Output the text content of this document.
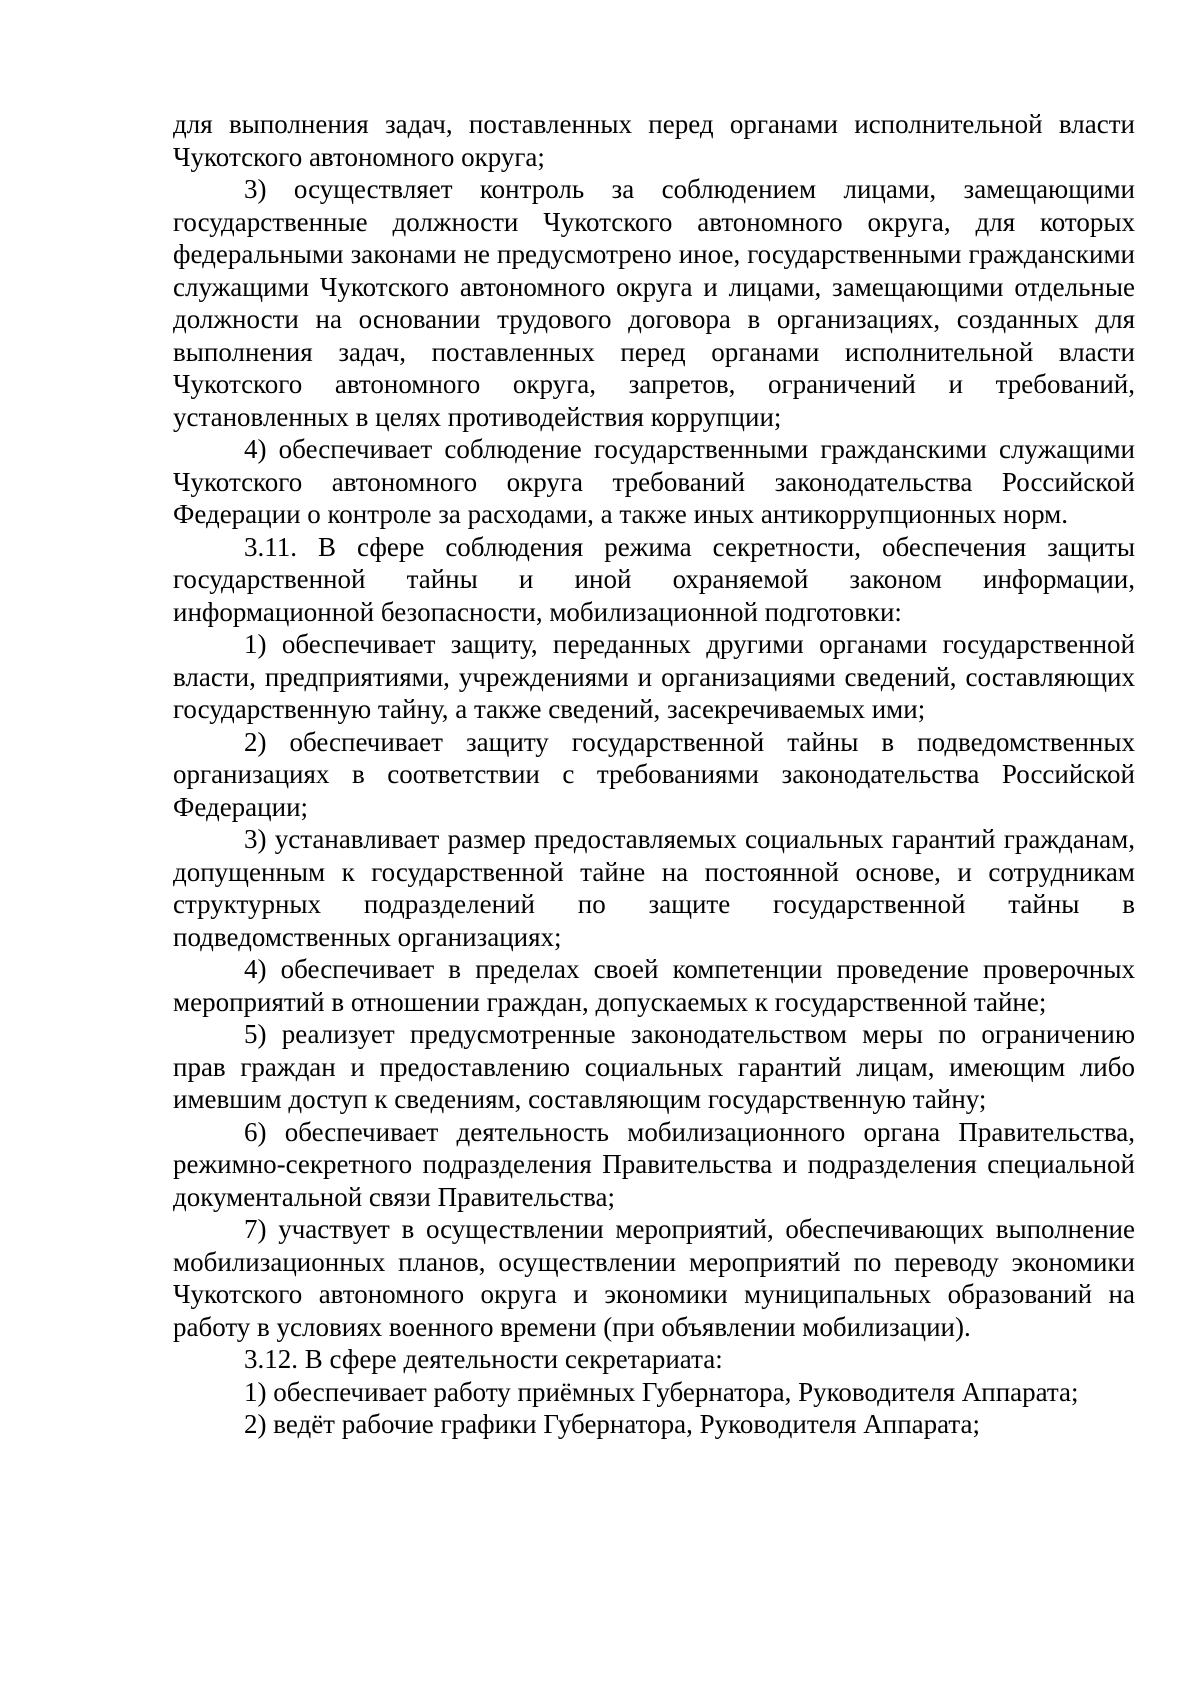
для выполнения задач, поставленных перед органами исполнительной власти Чукотского автономного округа;

3) осуществляет контроль за соблюдением лицами, замещающими государственные должности Чукотского автономного округа, для которых федеральными законами не предусмотрено иное, государственными гражданскими служащими Чукотского автономного округа и лицами, замещающими отдельные должности на основании трудового договора в организациях, созданных для выполнения задач, поставленных перед органами исполнительной власти Чукотского автономного округа, запретов, ограничений и требований, установленных в целях противодействия коррупции;

4) обеспечивает соблюдение государственными гражданскими служащими Чукотского автономного округа требований законодательства Российской Федерации о контроле за расходами, а также иных антикоррупционных норм.

3.11. В сфере соблюдения режима секретности, обеспечения защиты государственной тайны и иной охраняемой законом информации, информационной безопасности, мобилизационной подготовки:

1) обеспечивает защиту, переданных другими органами государственной власти, предприятиями, учреждениями и организациями сведений, составляющих государственную тайну, а также сведений, засекречиваемых ими;

2) обеспечивает защиту государственной тайны в подведомственных организациях в соответствии с требованиями законодательства Российской Федерации;

3) устанавливает размер предоставляемых социальных гарантий гражданам, допущенным к государственной тайне на постоянной основе, и сотрудникам структурных подразделений по защите государственной тайны в подведомственных организациях;

4) обеспечивает в пределах своей компетенции проведение проверочных мероприятий в отношении граждан, допускаемых к государственной тайне;

5) реализует предусмотренные законодательством меры по ограничению прав граждан и предоставлению социальных гарантий лицам, имеющим либо имевшим доступ к сведениям, составляющим государственную тайну;

6) обеспечивает деятельность мобилизационного органа Правительства, режимно-секретного подразделения Правительства и подразделения специальной документальной связи Правительства;

7) участвует в осуществлении мероприятий, обеспечивающих выполнение мобилизационных планов, осуществлении мероприятий по переводу экономики Чукотского автономного округа и экономики муниципальных образований на работу в условиях военного времени (при объявлении мобилизации).

3.12. В сфере деятельности секретариата:

1) обеспечивает работу приёмных Губернатора, Руководителя Аппарата;

2) ведёт рабочие графики Губернатора, Руководителя Аппарата;
